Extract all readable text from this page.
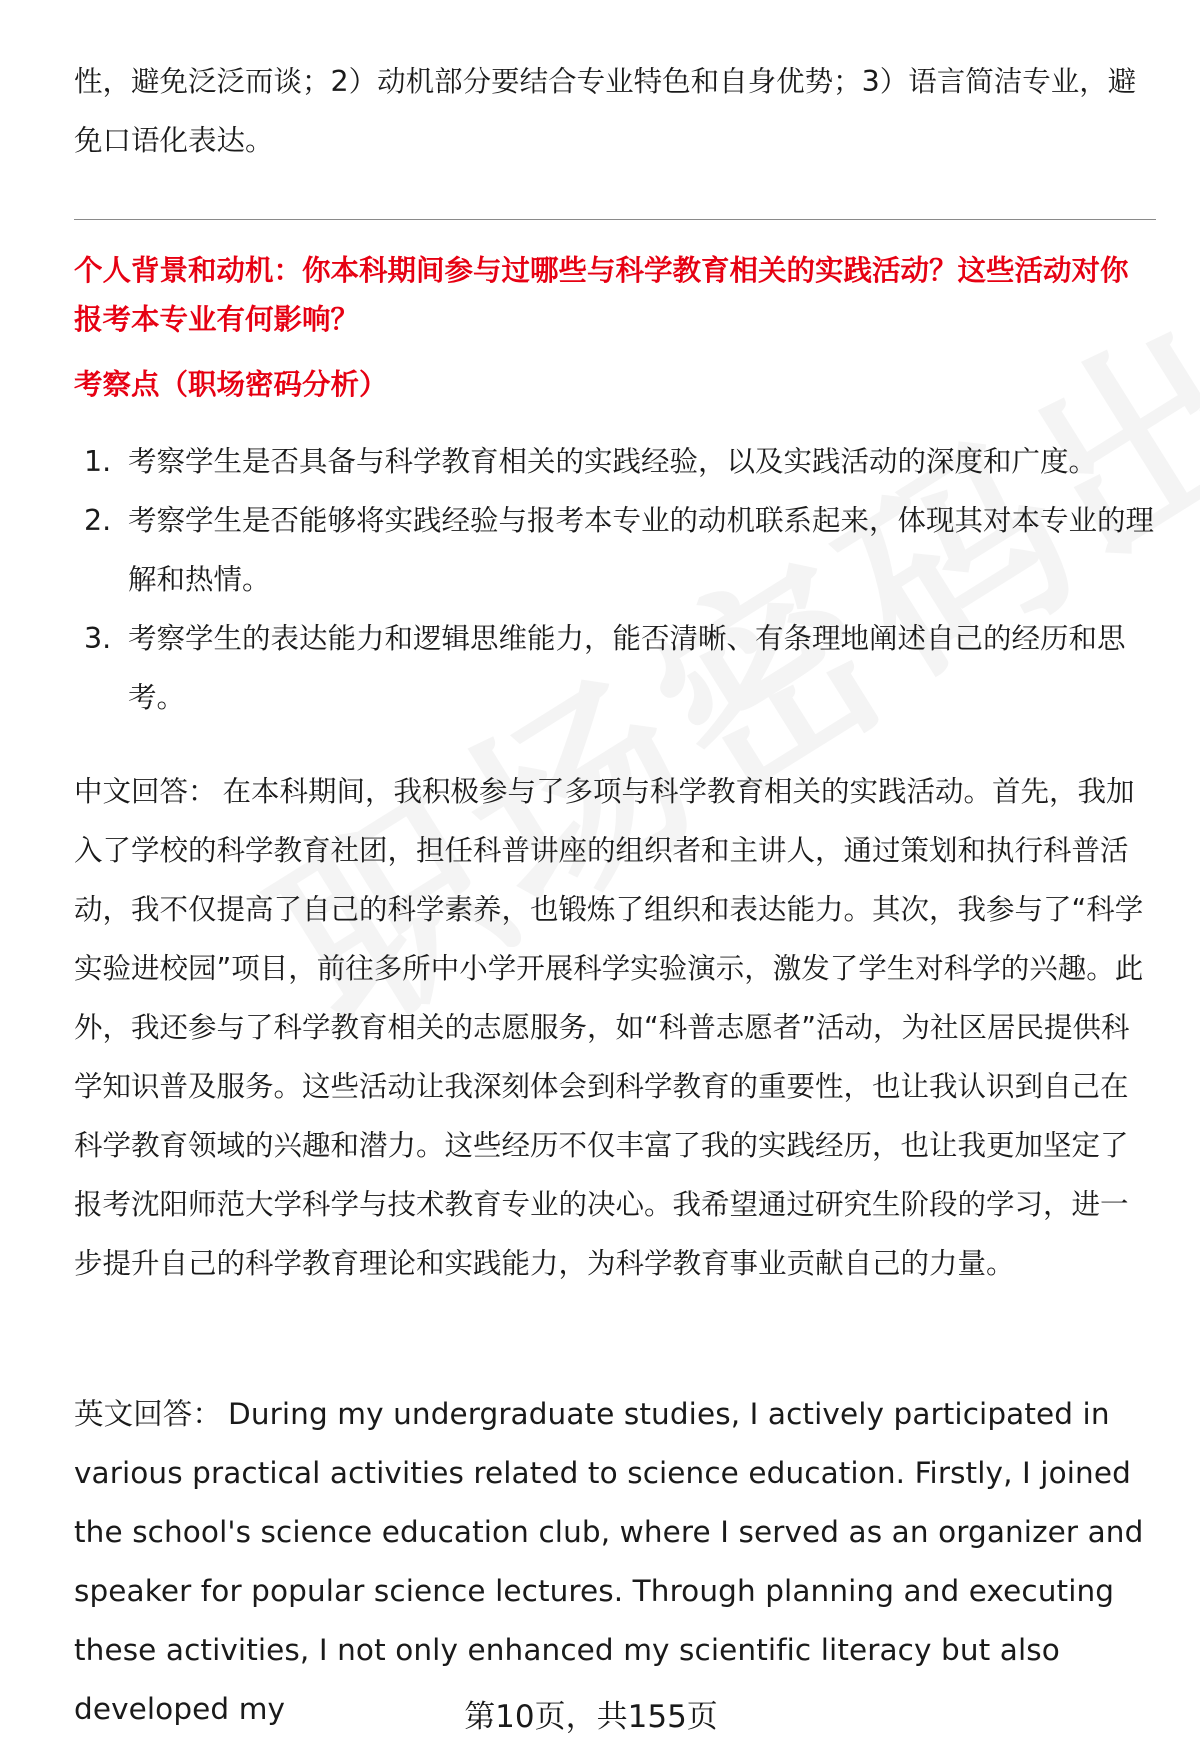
性，避免泛泛而谈；2）动机部分要结合专业特色和自身优势；3）语言简洁专业，避免口语化表达。

个人背景和动机：你本科期间参与过哪些与科学教育相关的实践活动？这些活动对你报考本专业有何影响？

考察点（职场密码分析）

1. 考察学生是否具备与科学教育相关的实践经验，以及实践活动的深度和广度。
2. 考察学生是否能够将实践经验与报考本专业的动机联系起来，体现其对本专业的理解和热情。
3. 考察学生的表达能力和逻辑思维能力，能否清晰、有条理地阐述自己的经历和思考。

中文回答： 在本科期间，我积极参与了多项与科学教育相关的实践活动。首先，我加入了学校的科学教育社团，担任科普讲座的组织者和主讲人，通过策划和执行科普活动，我不仅提高了自己的科学素养，也锻炼了组织和表达能力。其次，我参与了“科学实验进校园”项目，前往多所中小学开展科学实验演示，激发了学生对科学的兴趣。此外，我还参与了科学教育相关的志愿服务，如“科普志愿者”活动，为社区居民提供科学知识普及服务。这些活动让我深刻体会到科学教育的重要性，也让我认识到自己在科学教育领域的兴趣和潜力。这些经历不仅丰富了我的实践经历，也让我更加坚定了报考沈阳师范大学科学与技术教育专业的决心。我希望通过研究生阶段的学习，进一步提升自己的科学教育理论和实践能力，为科学教育事业贡献自己的力量。

英文回答： During my undergraduate studies, I actively participated in various practical activities related to science education. Firstly, I joined the school's science education club, where I served as an organizer and speaker for popular science lectures. Through planning and executing these activities, I not only enhanced my scientific literacy but also developed my	第10页，共155页
